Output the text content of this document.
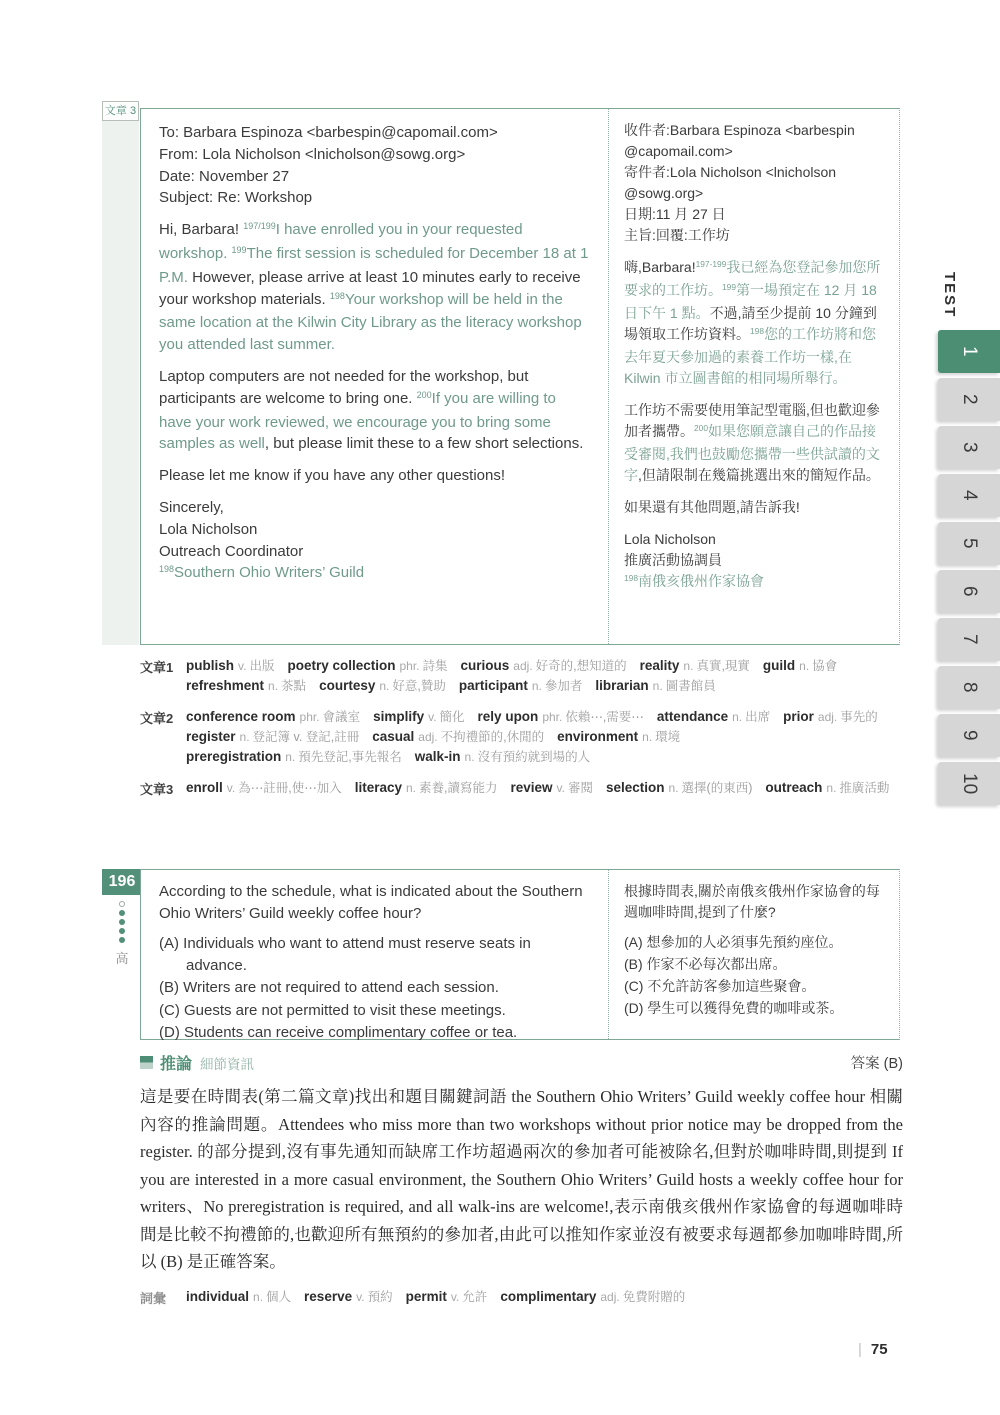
文章 3
To: Barbara Espinoza <barbespin@capomail.com>
From: Lola Nicholson <lnicholson@sowg.org>
Date: November 27
Subject: Re: Workshop

Hi, Barbara! $^{197/199}$I have enrolled you in your requested workshop. $^{199}$The first session is scheduled for December 18 at 1 P.M. However, please arrive at least 10 minutes early to receive your workshop materials. $^{198}$Your workshop will be held in the same location at the Kilwin City Library as the literacy workshop you attended last summer.

Laptop computers are not needed for the workshop, but participants are welcome to bring one. $^{200}$If you are willing to have your work reviewed, we encourage you to bring some samples as well, but please limit these to a few short selections.

Please let me know if you have any other questions!

Sincerely,
Lola Nicholson
Outreach Coordinator
$^{198}$Southern Ohio Writers’ Guild
收件者:Barbara Espinoza <barbespin
@capomail.com>
寄件者:Lola Nicholson <lnicholson
@sowg.org>
日期:11 月 27 日
主旨:回覆:工作坊

嗨,Barbara!$^{197-199}$我已經為您登記參加您所要求的工作坊。$^{199}$第一場預定在 12 月 18 日下午 1 點。不過,請至少提前 10 分鐘到場領取工作坊資料。$^{198}$您的工作坊將和您去年夏天參加過的素養工作坊一樣,在 Kilwin 市立圖書館的相同場所舉行。

工作坊不需要使用筆記型電腦,但也歡迎參加者攜帶。$^{200}$如果您願意讓自己的作品接受審閱,我們也鼓勵您攜帶一些供試讀的文字,但請限制在幾篇挑選出來的簡短作品。

如果還有其他問題,請告訴我!

Lola Nicholson
推廣活動協調員
$^{198}$南俄亥俄州作家協會
文章1 publish v. 出版 poetry collection phr. 詩集 curious adj. 好奇的,想知道的 reality n. 真實,現實 guild n. 協會refreshment n. 茶點 courtesy n. 好意,贊助 participant n. 參加者 librarian n. 圖書館員
文章2 conference room phr. 會議室 simplify v. 簡化 rely upon phr. 依賴⋯,需要⋯ attendance n. 出席 prior adj. 事先的register n. 登記簿 v. 登記,註冊 casual adj. 不拘禮節的,休閒的 environment n. 環境preregistration n. 預先登記,事先報名 walk-in n. 沒有預約就到場的人
文章3 enroll v. 為⋯註冊,使⋯加入 literacy n. 素養,讀寫能力 review v. 審閱 selection n. 選擇(的東西) outreach n. 推廣活動
196
高
According to the schedule, what is indicated about the Southern Ohio Writers’ Guild weekly coffee hour?
(A) Individuals who want to attend must reserve seats in advance.
(B) Writers are not required to attend each session.
(C) Guests are not permitted to visit these meetings.
(D) Students can receive complimentary coffee or tea.
根據時間表,關於南俄亥俄州作家協會的每週咖啡時間,提到了什麼?
(A) 想參加的人必須事先預約座位。
(B) 作家不必每次都出席。
(C) 不允許訪客參加這些聚會。
(D) 學生可以獲得免費的咖啡或茶。
推論 細節資訊	答案 (B)
這是要在時間表(第二篇文章)找出和題目關鍵詞語 the Southern Ohio Writers’ Guild weekly coffee hour 相關內容的推論問題。Attendees who miss more than two workshops without prior notice may be dropped from the register. 的部分提到,沒有事先通知而缺席工作坊超過兩次的參加者可能被除名,但對於咖啡時間,則提到 If you are interested in a more casual environment, the Southern Ohio Writers’ Guild hosts a weekly coffee hour for writers、No preregistration is required, and all walk-ins are welcome!,表示南俄亥俄州作家協會的每週咖啡時間是比較不拘禮節的,也歡迎所有無預約的參加者,由此可以推知作家並沒有被要求每週都參加咖啡時間,所以 (B) 是正確答案。
詞彙	individual n. 個人 reserve v. 預約 permit v. 允許 complimentary adj. 免費附贈的
TEST
1
2
3
4
5
6
7
8
9
10
| 75
